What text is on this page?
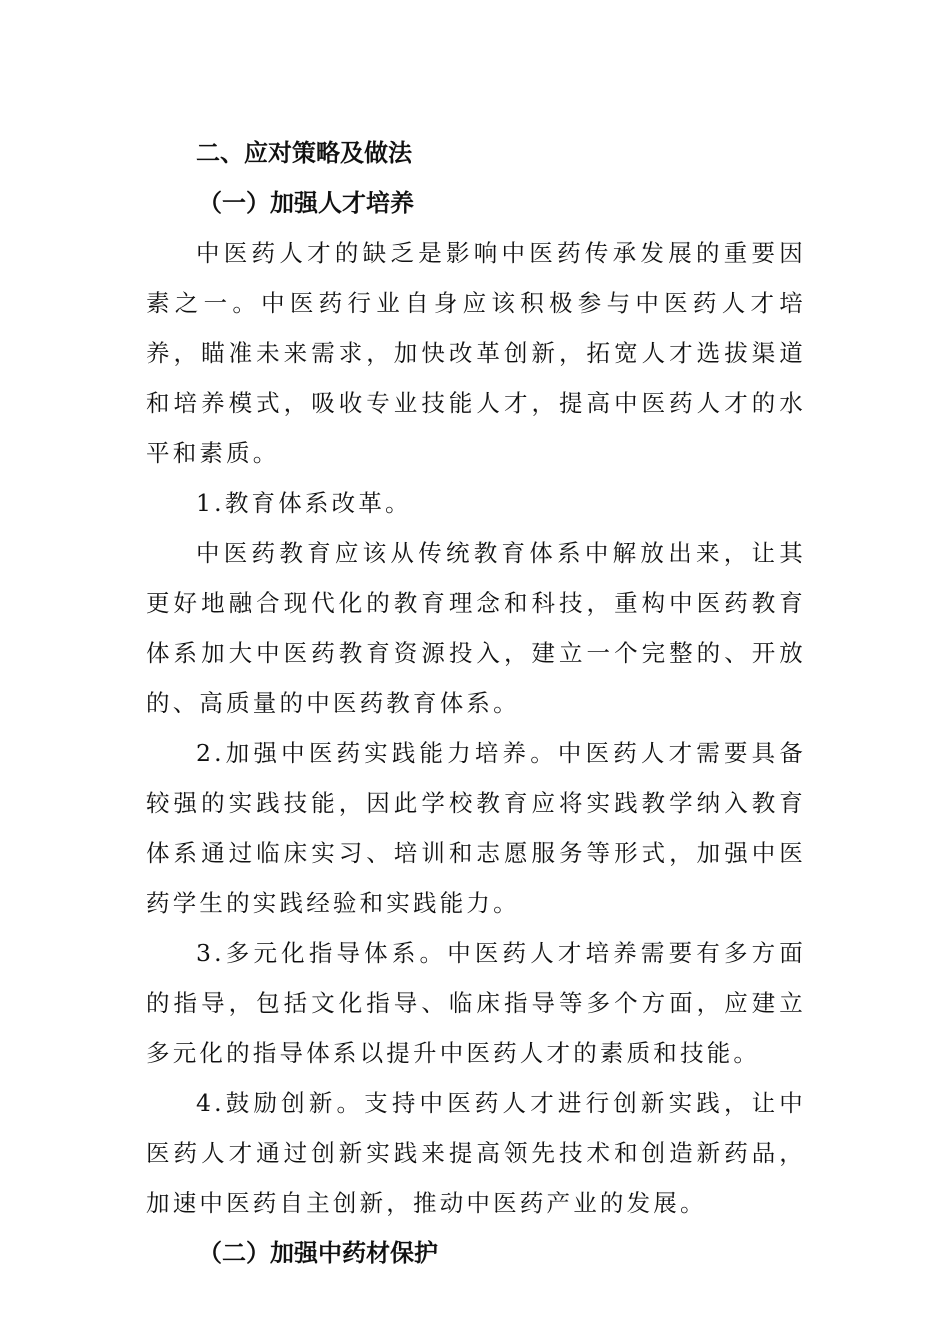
二、应对策略及做法
（一）加强人才培养

中医药人才的缺乏是影响中医药传承发展的重要因素之一。中医药行业自身应该积极参与中医药人才培养，瞄准未来需求，加快改革创新，拓宽人才选拔渠道和培养模式，吸收专业技能人才，提高中医药人才的水平和素质。

1.教育体系改革。

中医药教育应该从传统教育体系中解放出来，让其更好地融合现代化的教育理念和科技，重构中医药教育体系加大中医药教育资源投入，建立一个完整的、开放的、高质量的中医药教育体系。

2.加强中医药实践能力培养。中医药人才需要具备较强的实践技能，因此学校教育应将实践教学纳入教育体系通过临床实习、培训和志愿服务等形式，加强中医药学生的实践经验和实践能力。

3.多元化指导体系。中医药人才培养需要有多方面的指导，包括文化指导、临床指导等多个方面，应建立多元化的指导体系以提升中医药人才的素质和技能。

4.鼓励创新。支持中医药人才进行创新实践，让中医药人才通过创新实践来提高领先技术和创造新药品，加速中医药自主创新，推动中医药产业的发展。

（二）加强中药材保护
